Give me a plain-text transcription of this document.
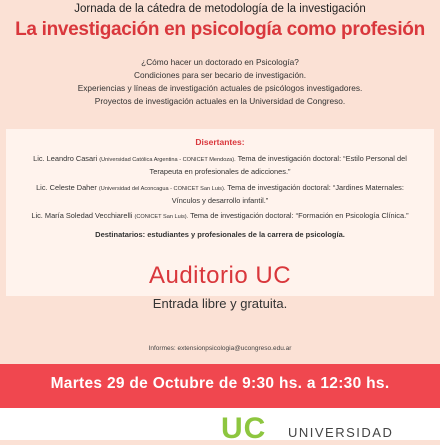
Jornada de la cátedra de metodología de la investigación
La investigación en psicología como profesión
¿Cómo hacer un doctorado en Psicología?
Condiciones para ser becario de investigación.
Experiencias y líneas de investigación actuales de psicólogos investigadores.
Proyectos de investigación actuales en la Universidad de Congreso.
Disertantes:
Lic. Leandro Casari (Universidad Católica Argentina - CONICET Mendoza). Tema de investigación doctoral: “Estilo Personal del
Terapeuta en profesionales de adicciones.”
Lic. Celeste Daher (Universidad del Aconcagua - CONICET San Luis). Tema de investigación doctoral: “Jardines Maternales:
Vínculos y desarrollo infantil.”
Lic. María Soledad Vecchiarelli (CONICET San Luis). Tema de investigación doctoral: “Formación en Psicología Clínica.”
Destinatarios: estudiantes y profesionales de la carrera de psicología.
Auditorio UC
Entrada libre y gratuita.
Informes: extensionpsicologia@ucongreso.edu.ar
Martes 29 de Octubre de 9:30 hs. a 12:30 hs.
UC UNIVERSIDAD
